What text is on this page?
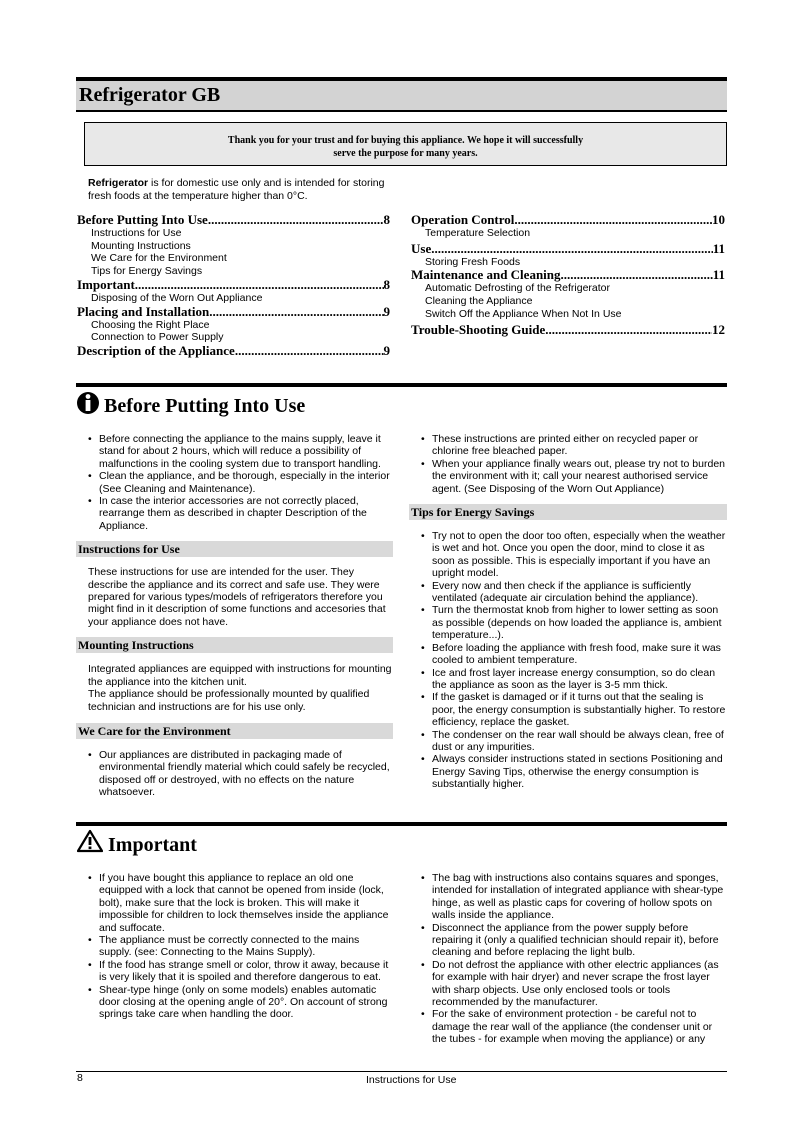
Refrigerator GB
Thank you for your trust and for buying this appliance. We hope it will successfully
serve the purpose for many years.
Refrigerator is for domestic use only and is intended for storing fresh foods at the temperature higher than 0°C.
Before Putting Into Use .....	8
Instructions for Use
Mounting Instructions
We Care for the Environment
Tips for Energy Savings
Important .....	8
Disposing of the Worn Out Appliance
Placing and Installation .....	9
Choosing the Right Place
Connection to Power Supply
Description of the Appliance .....	9
Operation Control .....	10
Temperature Selection
Use .....	11
Storing Fresh Foods
Maintenance and Cleaning .....	11
Automatic Defrosting of the Refrigerator
Cleaning the Appliance
Switch Off the Appliance When Not In Use
Trouble-Shooting Guide .....	12
Before Putting Into Use
• Before connecting the appliance to the mains supply, leave it stand for about 2 hours, which will reduce a possibility of malfunctions in the cooling system due to transport handling.
• Clean the appliance, and be thorough, especially in the interior (See Cleaning and Maintenance).
• In case the interior accessories are not correctly placed, rearrange them as described in chapter Description of the Appliance.
Instructions for Use
These instructions for use are intended for the user. They describe the appliance and its correct and safe use. They were prepared for various types/models of refrigerators therefore you might find in it description of some functions and accesories that your appliance does not have.
Mounting Instructions
Integrated appliances are equipped with instructions for mounting the appliance into the kitchen unit.
The appliance should be professionally mounted by qualified technician and instructions are for his use only.
We Care for the Environment
• Our appliances are distributed in packaging made of environmental friendly material which could safely be recycled, disposed off or destroyed, with no effects on the nature whatsoever.
• These instructions are printed either on recycled paper or chlorine free bleached paper.
• When your appliance finally wears out, please try not to burden the environment with it; call your nearest authorised service agent. (See Disposing of the Worn Out Appliance)
Tips for Energy Savings
• Try not to open the door too often, especially when the weather is wet and hot. Once you open the door, mind to close it as soon as possible. This is especially important if you have an upright model.
• Every now and then check if the appliance is sufficiently ventilated (adequate air circulation behind the appliance).
• Turn the thermostat knob from higher to lower setting as soon as possible (depends on how loaded the appliance is, ambient temperature...).
• Before loading the appliance with fresh food, make sure it was cooled to ambient temperature.
• Ice and frost layer increase energy consumption, so do clean the appliance as soon as the layer is 3-5 mm thick.
• If the gasket is damaged or if it turns out that the sealing is poor, the energy consumption is substantially higher. To restore efficiency, replace the gasket.
• The condenser on the rear wall should be always clean, free of dust or any impurities.
• Always consider instructions stated in sections Positioning and Energy Saving Tips, otherwise the energy consumption is substantially higher.
Important
• If you have bought this appliance to replace an old one equipped with a lock that cannot be opened from inside (lock, bolt), make sure that the lock is broken. This will make it impossible for children to lock themselves inside the appliance and suffocate.
• The appliance must be correctly connected to the mains supply. (see: Connecting to the Mains Supply).
• If the food has strange smell or color, throw it away, because it is very likely that it is spoiled and therefore dangerous to eat.
• Shear-type hinge (only on some models) enables automatic door closing at the opening angle of 20°. On account of strong springs take care when handling the door.
• The bag with instructions also contains squares and sponges, intended for installation of integrated appliance with shear-type hinge, as well as plastic caps for covering of hollow spots on walls inside the appliance.
• Disconnect the appliance from the power supply before repairing it (only a qualified technician should repair it), before cleaning and before replacing the light bulb.
• Do not defrost the appliance with other electric appliances (as for example with hair dryer) and never scrape the frost layer with sharp objects. Use only enclosed tools or tools recommended by the manufacturer.
• For the sake of environment protection - be careful not to damage the rear wall of the appliance (the condenser unit or the tubes - for example when moving the appliance) or any
8	Instructions for Use
